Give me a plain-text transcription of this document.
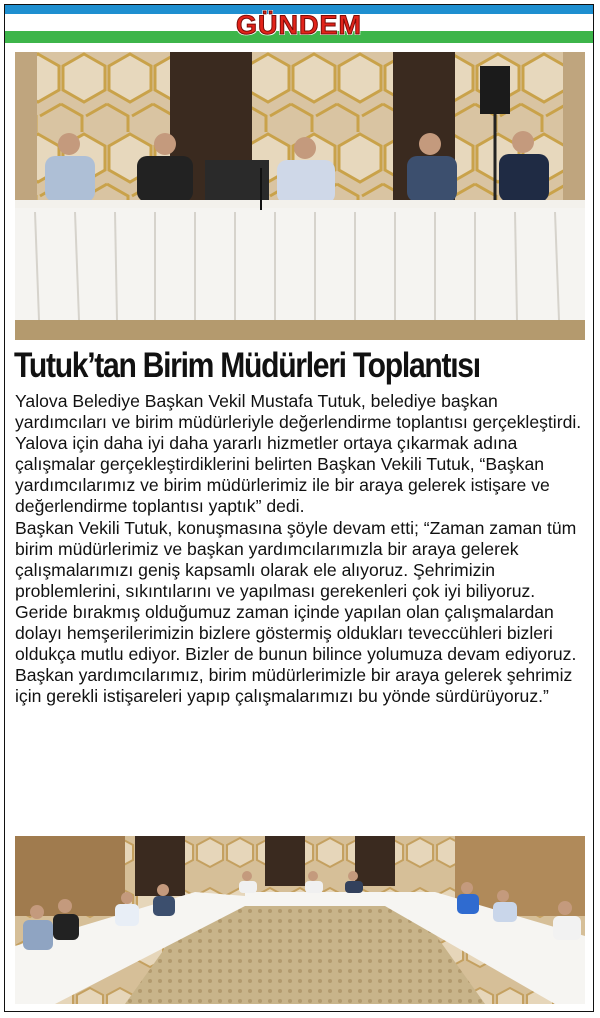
GÜNDEM
Tutuk’tan Birim Müdürleri Toplantısı

Yalova Belediye Başkan Vekil Mustafa Tutuk, belediye başkan yardımcıları ve birim müdürleriyle değerlendirme toplantısı gerçekleştirdi.

Yalova için daha iyi daha yararlı hizmetler ortaya çıkarmak adına çalışmalar gerçekleştirdiklerini belirten Başkan Vekili Tutuk, “Başkan yardımcılarımız ve birim müdürlerimiz ile bir araya gelerek istişare ve değerlendirme toplantısı yaptık” dedi.

Başkan Vekili Tutuk, konuşmasına şöyle devam etti; “Zaman zaman tüm birim müdürlerimiz ve başkan yardımcılarımızla bir araya gelerek çalışmalarımızı geniş kapsamlı olarak ele alıyoruz. Şehrimizin problemlerini, sıkıntılarını ve yapılması gerekenleri çok iyi biliyoruz. Geride bırakmış olduğumuz zaman içinde yapılan olan çalışmalardan dolayı hemşerilerimizin bizlere göstermiş oldukları teveccühleri bizleri oldukça mutlu ediyor. Bizler de bunun bilince yolumuza devam ediyoruz. Başkan yardımcılarımız, birim müdürlerimizle bir araya gelerek şehrimiz için gerekli istişareleri yapıp çalışmalarımızı bu yönde sürdürüyoruz.”
